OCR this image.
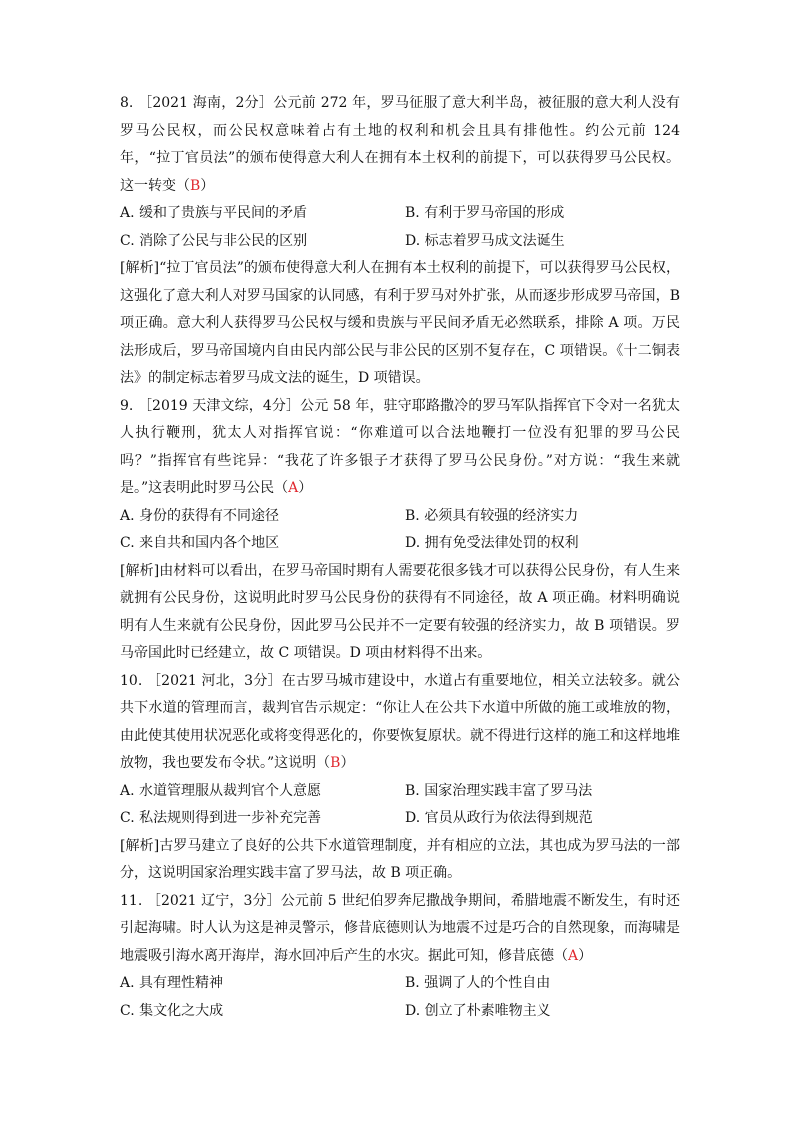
8. ［2021 海南，2分］公元前 272 年，罗马征服了意大利半岛，被征服的意大利人没有罗马公民权，而公民权意味着占有土地的权利和机会且具有排他性。约公元前 124 年，“拉丁官员法”的颁布使得意大利人在拥有本土权利的前提下，可以获得罗马公民权。这一转变（B）

A. 缓和了贵族与平民间的矛盾	B. 有利于罗马帝国的形成
C. 消除了公民与非公民的区别	D. 标志着罗马成文法诞生

[解析]“拉丁官员法”的颁布使得意大利人在拥有本土权利的前提下，可以获得罗马公民权，这强化了意大利人对罗马国家的认同感，有利于罗马对外扩张，从而逐步形成罗马帝国，B 项正确。意大利人获得罗马公民权与缓和贵族与平民间矛盾无必然联系，排除 A 项。万民法形成后，罗马帝国境内自由民内部公民与非公民的区别不复存在，C 项错误。《十二铜表法》的制定标志着罗马成文法的诞生，D 项错误。

9. ［2019 天津文综，4分］公元 58 年，驻守耶路撒冷的罗马军队指挥官下令对一名犹太人执行鞭刑，犹太人对指挥官说：“你难道可以合法地鞭打一位没有犯罪的罗马公民吗？”指挥官有些诧异：“我花了许多银子才获得了罗马公民身份。”对方说：“我生来就是。”这表明此时罗马公民（A）

A. 身份的获得有不同途径	B. 必须具有较强的经济实力
C. 来自共和国内各个地区	D. 拥有免受法律处罚的权利

[解析]由材料可以看出，在罗马帝国时期有人需要花很多钱才可以获得公民身份，有人生来就拥有公民身份，这说明此时罗马公民身份的获得有不同途径，故 A 项正确。材料明确说明有人生来就有公民身份，因此罗马公民并不一定要有较强的经济实力，故 B 项错误。罗马帝国此时已经建立，故 C 项错误。D 项由材料得不出来。

10. ［2021 河北，3分］在古罗马城市建设中，水道占有重要地位，相关立法较多。就公共下水道的管理而言，裁判官告示规定：“你让人在公共下水道中所做的施工或堆放的物，由此使其使用状况恶化或将变得恶化的，你要恢复原状。就不得进行这样的施工和这样地堆放物，我也要发布令状。”这说明（B）

A. 水道管理服从裁判官个人意愿	B. 国家治理实践丰富了罗马法
C. 私法规则得到进一步补充完善	D. 官员从政行为依法得到规范

[解析]古罗马建立了良好的公共下水道管理制度，并有相应的立法，其也成为罗马法的一部分，这说明国家治理实践丰富了罗马法，故 B 项正确。

11. ［2021 辽宁，3分］公元前 5 世纪伯罗奔尼撒战争期间，希腊地震不断发生，有时还引起海啸。时人认为这是神灵警示，修昔底德则认为地震不过是巧合的自然现象，而海啸是地震吸引海水离开海岸，海水回冲后产生的水灾。据此可知，修昔底德（A）

A. 具有理性精神	B. 强调了人的个性自由
C. 集文化之大成	D. 创立了朴素唯物主义
